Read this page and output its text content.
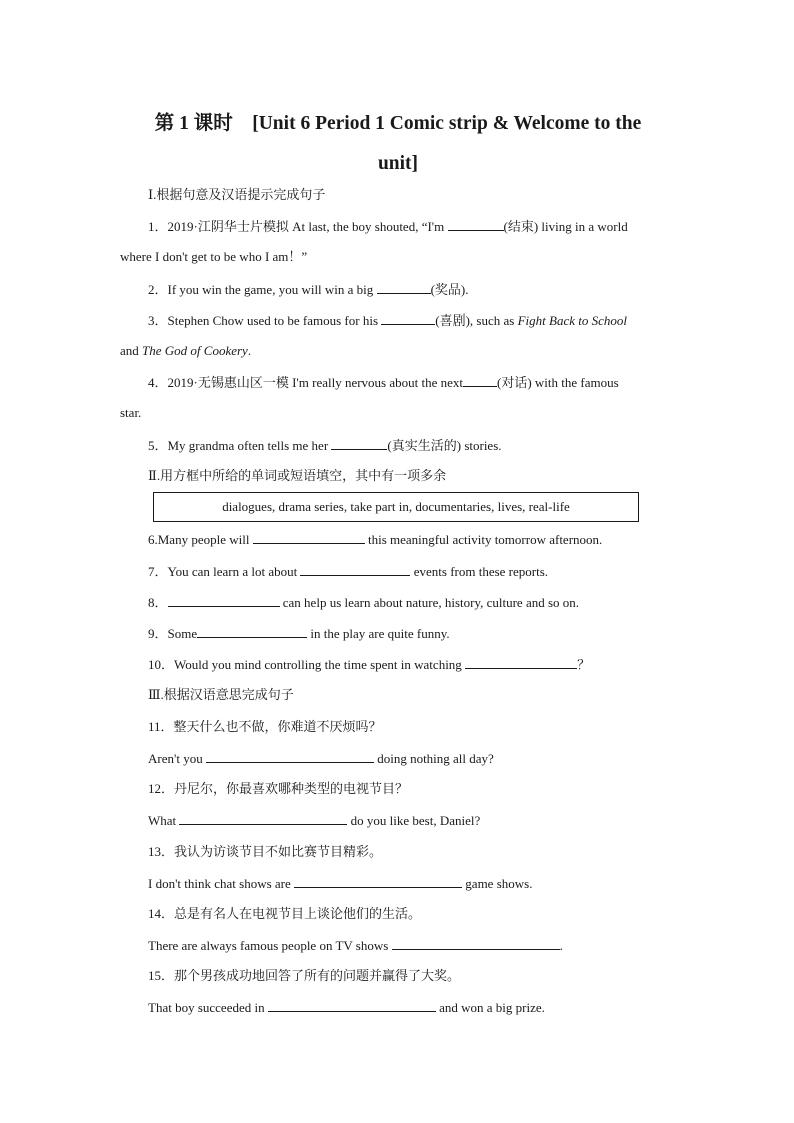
第 1 课时　[Unit 6 Period 1 Comic strip & Welcome to the
unit]
Ⅰ.根据句意及汉语提示完成句子
1．2019·江阴华士片模拟 At last, the boy shouted, “I'm	(结束) living in a world
where I don't get to be who I am！”
2．If you win the game, you will win a big	(奖品).
3．Stephen Chow used to be famous for his	(喜剧), such as Fight Back to School
and The God of Cookery.
4．2019·无锡惠山区一模 I'm really nervous about the next	(对话) with the famous
star.
5．My grandma often tells me her	(真实生活的) stories.
Ⅱ.用方框中所给的单词或短语填空，其中有一项多余
dialogues, drama series, take part in, documentaries, lives, real-life
6.Many people will	this meaningful activity tomorrow afternoon.
7．You can learn a lot about	events from these reports.
8．	can help us learn about nature, history, culture and so on.
9．Some	in the play are quite funny.
10．Would you mind controlling the time spent in watching	？
Ⅲ.根据汉语意思完成句子
11．整天什么也不做，你难道不厌烦吗？
Aren't you	doing nothing all day?
12．丹尼尔，你最喜欢哪种类型的电视节目？
What	do you like best, Daniel?
13．我认为访谈节目不如比赛节目精彩。
I don't think chat shows are	game shows.
14．总是有名人在电视节目上谈论他们的生活。
There are always famous people on TV shows	.
15．那个男孩成功地回答了所有的问题并赢得了大奖。
That boy succeeded in	and won a big prize.
